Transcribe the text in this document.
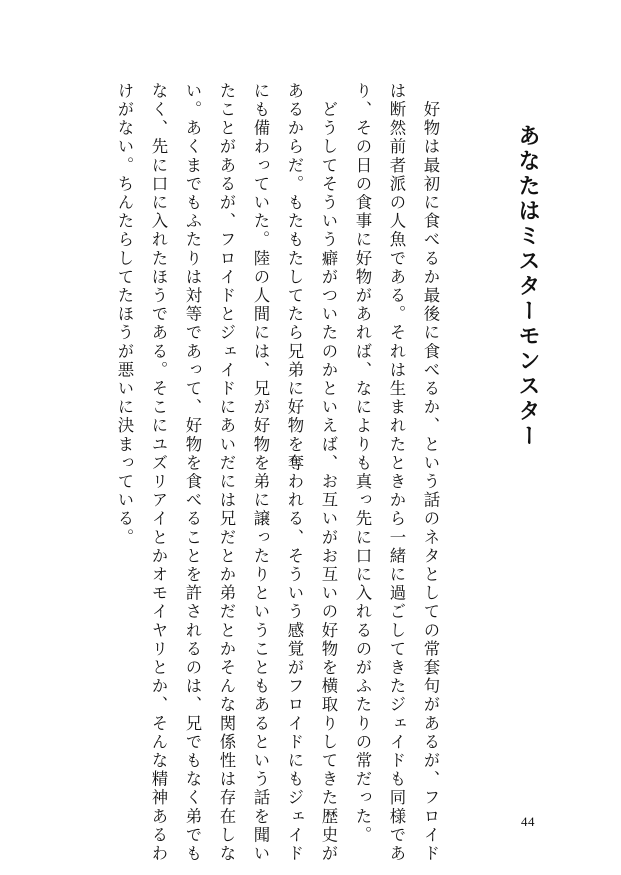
あなたはミスターモンスター

　好物は最初に食べるか最後に食べるか、という話のネタとしての常套句があるが、フロイド

は断然前者派の人魚である。それは生まれたときから一緒に過ごしてきたジェイドも同様であ

り、その日の食事に好物があれば、なによりも真っ先に口に入れるのがふたりの常だった。

　どうしてそういう癖がついたのかといえば、お互いがお互いの好物を横取りしてきた歴史が

あるからだ。もたもたしてたら兄弟に好物を奪われる、そういう感覚がフロイドにもジェイド

にも備わっていた。陸の人間には、兄が好物を弟に譲ったりということもあるという話を聞い

たことがあるが、フロイドとジェイドにあいだには兄だとか弟だとかそんな関係性は存在しな

い。あくまでもふたりは対等であって、好物を食べることを許されるのは、兄でもなく弟でも

なく、先に口に入れたほうである。そこにユズリアイとかオモイヤリとか、そんな精神あるわ

けがない。ちんたらしてたほうが悪いに決まっている。

44
